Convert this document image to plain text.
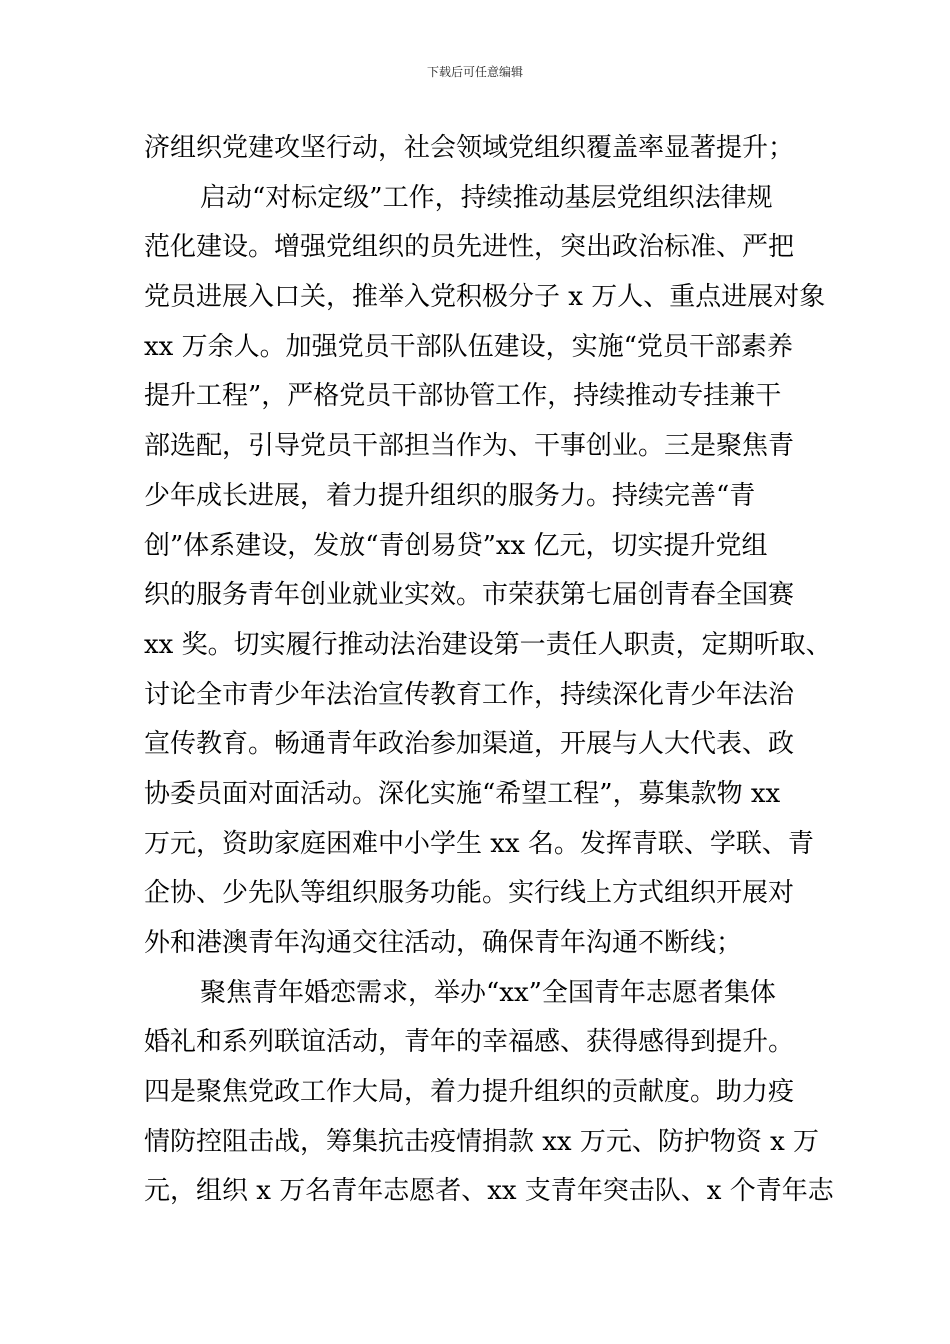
下载后可任意编辑
济组织党建攻坚行动，社会领域党组织覆盖率显著提升；
启动“对标定级”工作，持续推动基层党组织法律规
范化建设。增强党组织的员先进性，突出政治标准、严把
党员进展入口关，推举入党积极分子 x 万人、重点进展对象
xx 万余人。加强党员干部队伍建设，实施“党员干部素养
提升工程”，严格党员干部协管工作，持续推动专挂兼干
部选配，引导党员干部担当作为、干事创业。三是聚焦青
少年成长进展，着力提升组织的服务力。持续完善“青
创”体系建设，发放“青创易贷”xx 亿元，切实提升党组
织的服务青年创业就业实效。市荣获第七届创青春全国赛
xx 奖。切实履行推动法治建设第一责任人职责，定期听取、
讨论全市青少年法治宣传教育工作，持续深化青少年法治
宣传教育。畅通青年政治参加渠道，开展与人大代表、政
协委员面对面活动。深化实施“希望工程”，募集款物 xx
万元，资助家庭困难中小学生 xx 名。发挥青联、学联、青
企协、少先队等组织服务功能。实行线上方式组织开展对
外和港澳青年沟通交往活动，确保青年沟通不断线；
聚焦青年婚恋需求，举办“xx”全国青年志愿者集体
婚礼和系列联谊活动，青年的幸福感、获得感得到提升。
四是聚焦党政工作大局，着力提升组织的贡献度。助力疫
情防控阻击战，筹集抗击疫情捐款 xx 万元、防护物资 x 万
元，组织 x 万名青年志愿者、xx 支青年突击队、x 个青年志
